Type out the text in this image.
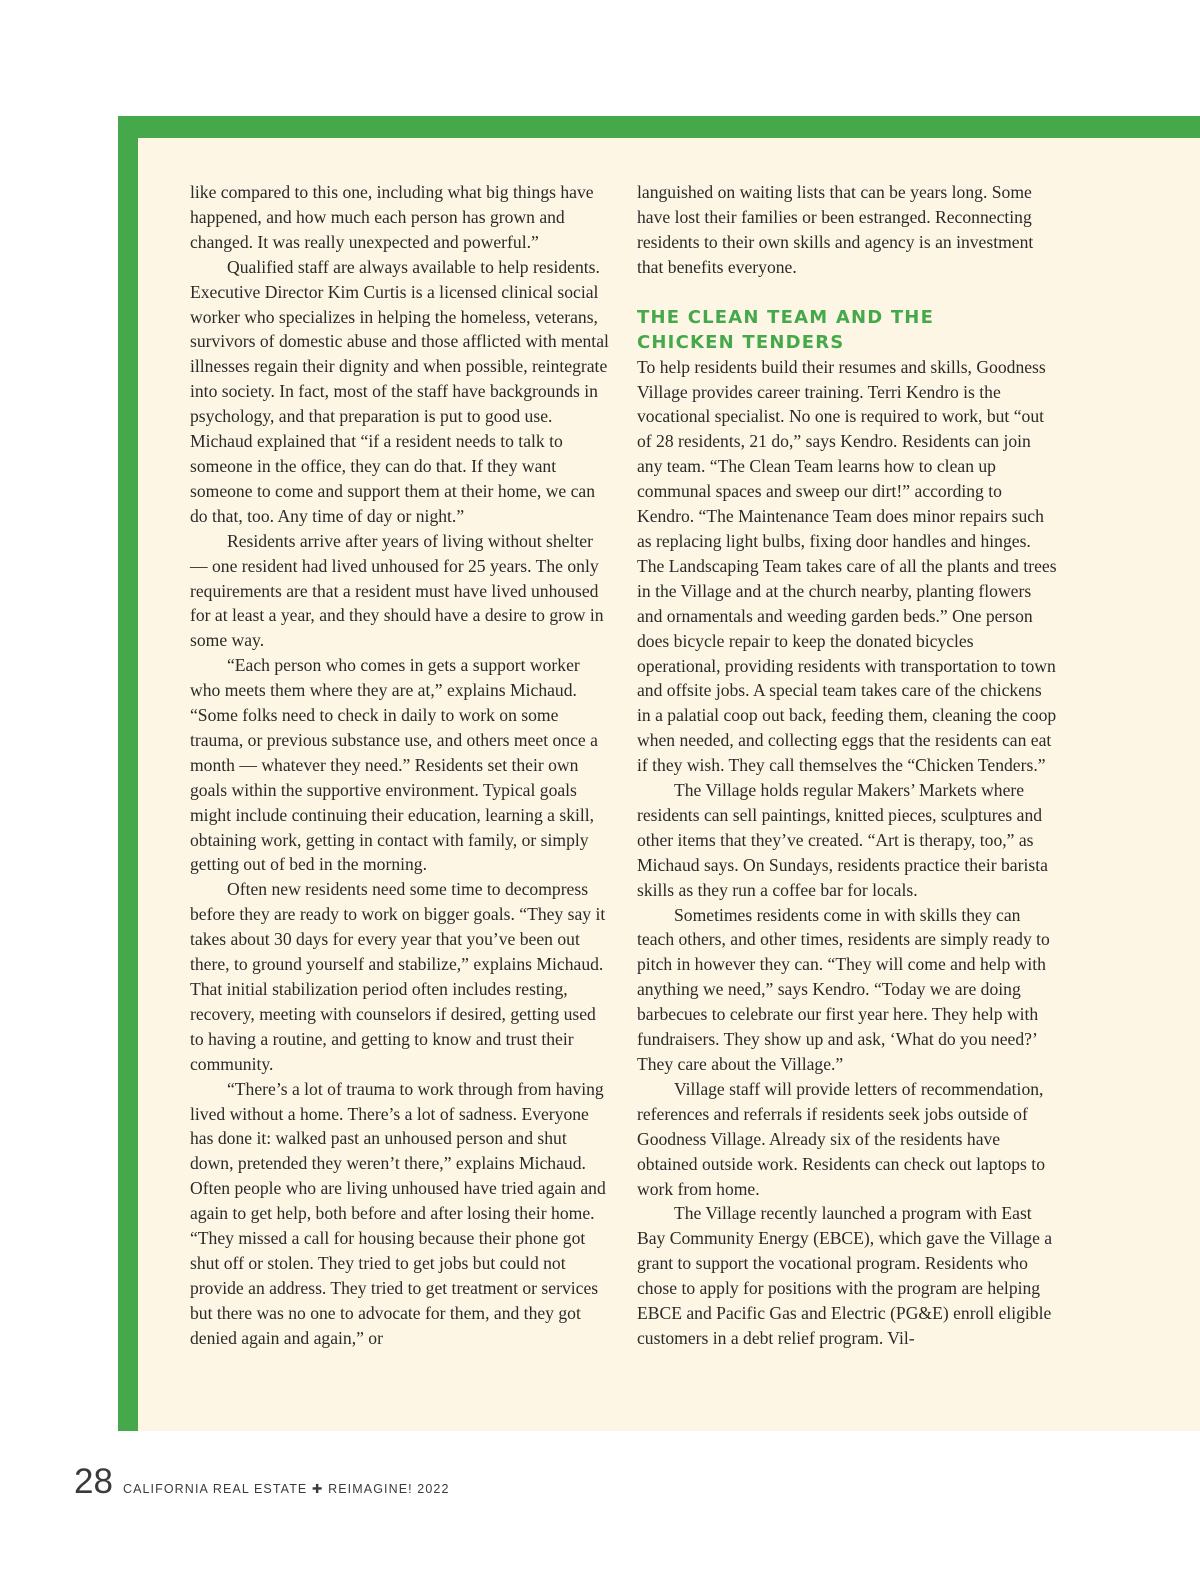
like compared to this one, including what big things have happened, and how much each person has grown and changed. It was really unexpected and powerful.”

Qualified staff are always available to help residents. Executive Director Kim Curtis is a licensed clinical social worker who specializes in helping the homeless, veterans, survivors of domestic abuse and those afflicted with mental illnesses regain their dignity and when possible, reintegrate into society. In fact, most of the staff have backgrounds in psychology, and that preparation is put to good use. Michaud explained that “if a resident needs to talk to someone in the office, they can do that. If they want someone to come and support them at their home, we can do that, too. Any time of day or night.”

Residents arrive after years of living without shelter — one resident had lived unhoused for 25 years. The only requirements are that a resident must have lived unhoused for at least a year, and they should have a desire to grow in some way.

“Each person who comes in gets a support worker who meets them where they are at,” explains Michaud. “Some folks need to check in daily to work on some trauma, or previous substance use, and others meet once a month — whatever they need.” Residents set their own goals within the supportive environment. Typical goals might include continuing their education, learning a skill, obtaining work, getting in contact with family, or simply getting out of bed in the morning.

Often new residents need some time to decompress before they are ready to work on bigger goals. “They say it takes about 30 days for every year that you’ve been out there, to ground yourself and stabilize,” explains Michaud. That initial stabilization period often includes resting, recovery, meeting with counselors if desired, getting used to having a routine, and getting to know and trust their community.

“There’s a lot of trauma to work through from having lived without a home. There’s a lot of sadness. Everyone has done it: walked past an unhoused person and shut down, pretended they weren’t there,” explains Michaud. Often people who are living unhoused have tried again and again to get help, both before and after losing their home. “They missed a call for housing because their phone got shut off or stolen. They tried to get jobs but could not provide an address. They tried to get treatment or services but there was no one to advocate for them, and they got denied again and again,” or

languished on waiting lists that can be years long. Some have lost their families or been estranged. Reconnecting residents to their own skills and agency is an investment that benefits everyone.

THE CLEAN TEAM AND THE
CHICKEN TENDERS

To help residents build their resumes and skills, Goodness Village provides career training. Terri Kendro is the vocational specialist. No one is required to work, but “out of 28 residents, 21 do,” says Kendro. Residents can join any team. “The Clean Team learns how to clean up communal spaces and sweep our dirt!” according to Kendro. “The Maintenance Team does minor repairs such as replacing light bulbs, fixing door handles and hinges. The Landscaping Team takes care of all the plants and trees in the Village and at the church nearby, planting flowers and ornamentals and weeding garden beds.” One person does bicycle repair to keep the donated bicycles operational, providing residents with transportation to town and offsite jobs. A special team takes care of the chickens in a palatial coop out back, feeding them, cleaning the coop when needed, and collecting eggs that the residents can eat if they wish. They call themselves the “Chicken Tenders.”

The Village holds regular Makers’ Markets where residents can sell paintings, knitted pieces, sculptures and other items that they’ve created. “Art is therapy, too,” as Michaud says. On Sundays, residents practice their barista skills as they run a coffee bar for locals.

Sometimes residents come in with skills they can teach others, and other times, residents are simply ready to pitch in however they can. “They will come and help with anything we need,” says Kendro. “Today we are doing barbecues to celebrate our first year here. They help with fundraisers. They show up and ask, ‘What do you need?’ They care about the Village.”

Village staff will provide letters of recommendation, references and referrals if residents seek jobs outside of Goodness Village. Already six of the residents have obtained outside work. Residents can check out laptops to work from home.

The Village recently launched a program with East Bay Community Energy (EBCE), which gave the Village a grant to support the vocational program. Residents who chose to apply for positions with the program are helping EBCE and Pacific Gas and Electric (PG&E) enroll eligible customers in a debt relief program. Vil-

28 CALIFORNIA REAL ESTATE ✚ REIMAGINE! 2022
